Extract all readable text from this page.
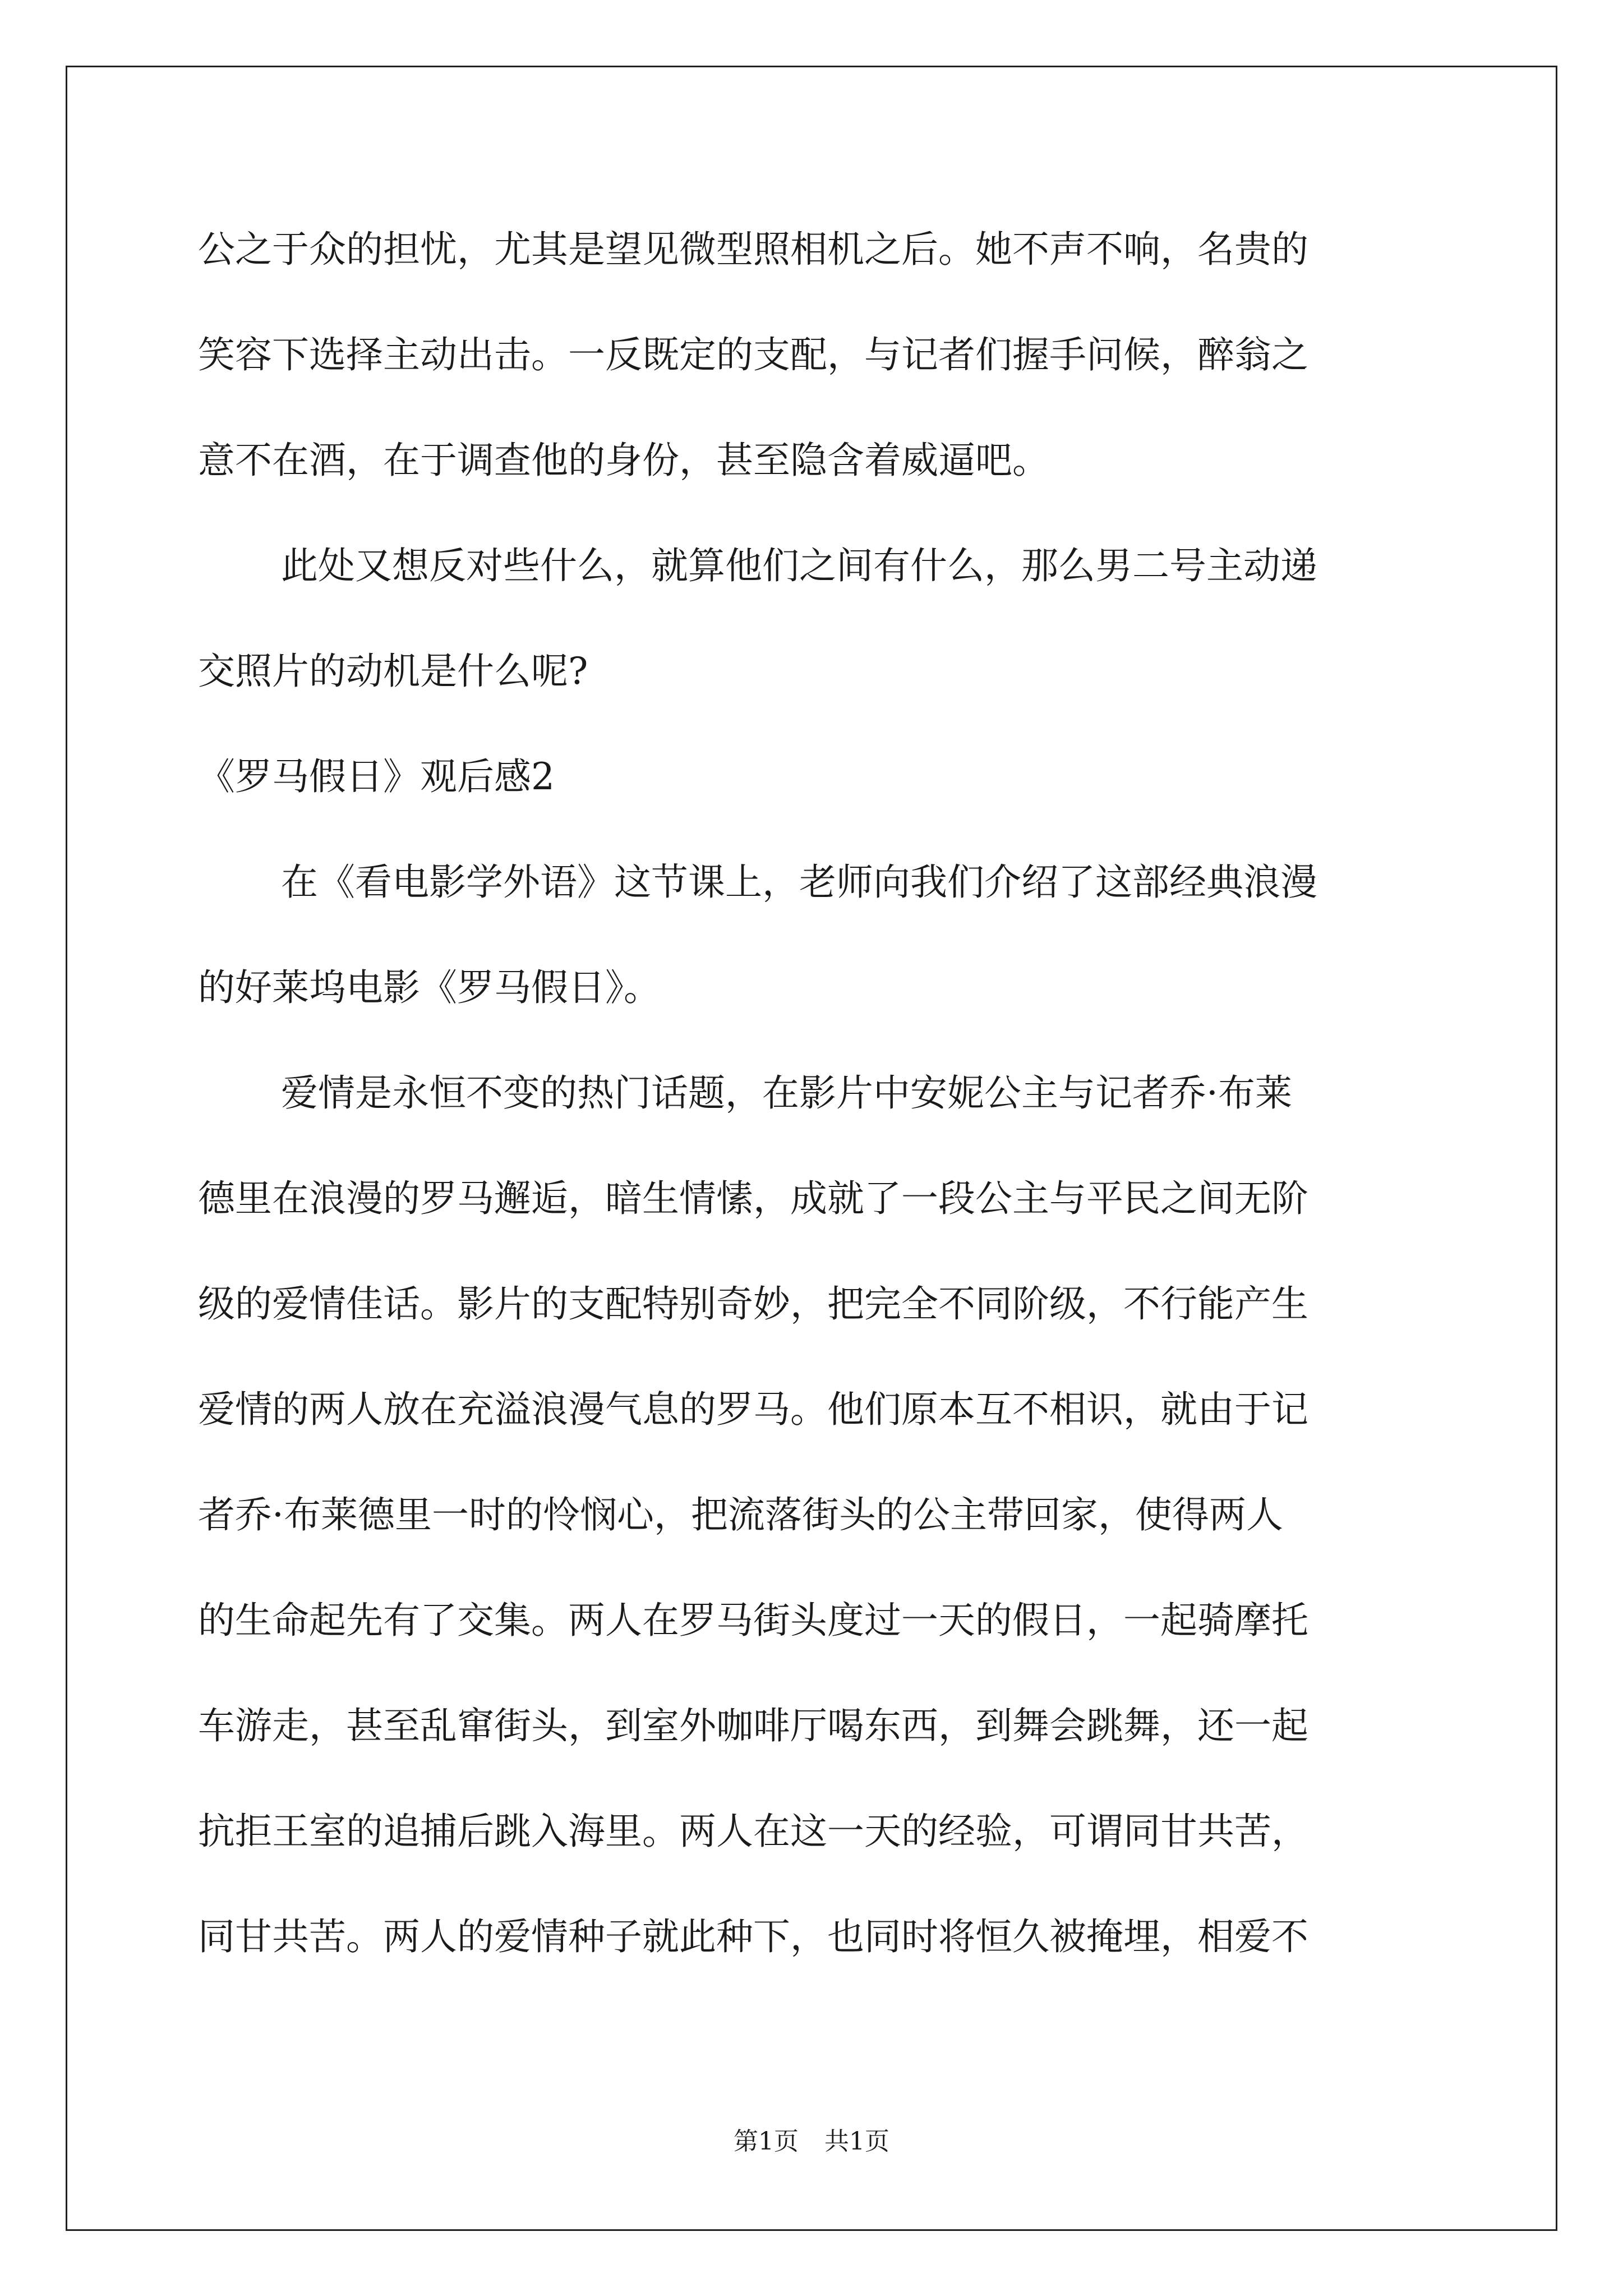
公之于众的担忧，尤其是望见微型照相机之后。她不声不响，名贵的
笑容下选择主动出击。一反既定的支配，与记者们握手问候，醉翁之
意不在酒，在于调查他的身份，甚至隐含着威逼吧。
此处又想反对些什么，就算他们之间有什么，那么男二号主动递
交照片的动机是什么呢?
《罗马假日》观后感2
在《看电影学外语》这节课上，老师向我们介绍了这部经典浪漫
的好莱坞电影《罗马假日》。
爱情是永恒不变的热门话题，在影片中安妮公主与记者乔·布莱
德里在浪漫的罗马邂逅，暗生情愫，成就了一段公主与平民之间无阶
级的爱情佳话。影片的支配特别奇妙，把完全不同阶级，不行能产生
爱情的两人放在充溢浪漫气息的罗马。他们原本互不相识，就由于记
者乔·布莱德里一时的怜悯心，把流落街头的公主带回家，使得两人
的生命起先有了交集。两人在罗马街头度过一天的假日，一起骑摩托
车游走，甚至乱窜街头，到室外咖啡厅喝东西，到舞会跳舞，还一起
抗拒王室的追捕后跳入海里。两人在这一天的经验，可谓同甘共苦，
同甘共苦。两人的爱情种子就此种下，也同时将恒久被掩埋，相爱不
第1页 共1页
